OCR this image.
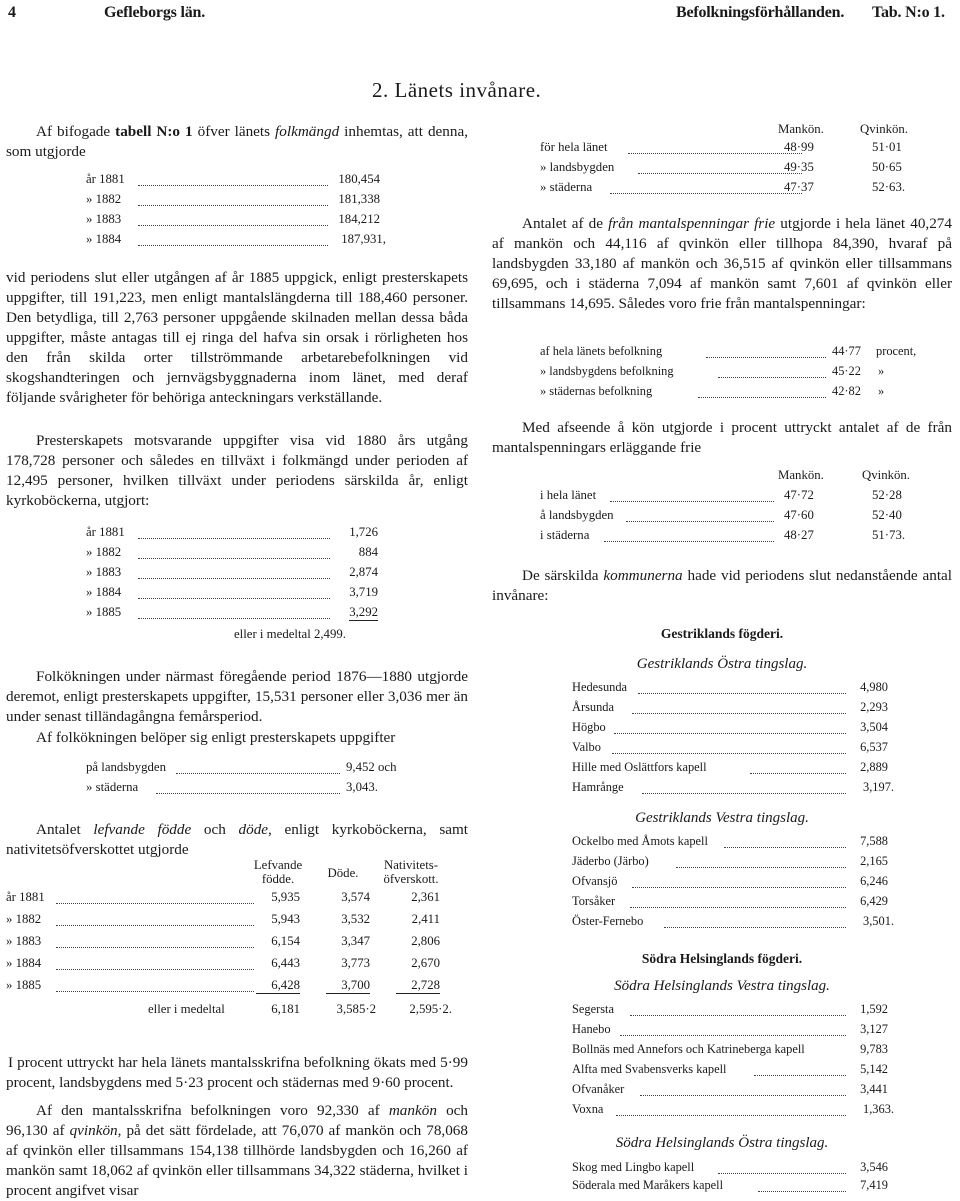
4	Gefleborgs län.	Befolkningsförhållanden. Tab. N:o 1.
2. Länets invånare.

Af bifogade tabell N:o 1 öfver länets folkmängd inhemtas, att denna, som utgjorde

år 1881	180,454
» 1882	181,338
» 1883	184,212
» 1884	187,931,

vid periodens slut eller utgången af år 1885 uppgick, enligt presterskapets uppgifter, till 191,223, men enligt mantalslängderna till 188,460 personer. Den betydliga, till 2,763 personer uppgående skilnaden mellan dessa båda uppgifter, måste antagas till ej ringa del hafva sin orsak i rörligheten hos den från skilda orter tillströmmande arbetarebefolkningen vid skogshandteringen och jernvägsbyggnaderna inom länet, med deraf följande svårigheter för behöriga anteckningars verkställande.

Presterskapets motsvarande uppgifter visa vid 1880 års utgång 178,728 personer och således en tillväxt i folkmängd under perioden af 12,495 personer, hvilken tillväxt under periodens särskilda år, enligt kyrkoböckerna, utgjort:

år 1881	1,726
» 1882	884
» 1883	2,874
» 1884	3,719
» 1885	3,292
eller i medeltal 2,499.

Folkökningen under närmast föregående period 1876—1880 utgjorde deremot, enligt presterskapets uppgifter, 15,531 personer eller 3,036 mer än under senast tilländagångna femårsperiod.

Af folkökningen belöper sig enligt presterskapets uppgifter

på landsbygden	9,452 och
» städerna	3,043.

Antalet lefvande födde och döde, enligt kyrkoböckerna, samt nativitetsöfverskottet utgjorde

Lefvande födde.	Döde.
Nativitets-öfverskott.
år 1881	5,935	3,574	2,361
» 1882	5,943	3,532	2,411
» 1883	6,154	3,347	2,806
» 1884	6,443	3,773	2,670
» 1885	6,428	3,700	2,728
eller i medeltal	6,181	3,585·2	2,595·2.

I procent uttryckt har hela länets mantalsskrifna befolkning ökats med 5·99 procent, landsbygdens med 5·23 procent och städernas med 9·60 procent.

Af den mantalsskrifna befolkningen voro 92,330 af mankön och 96,130 af qvinkön, på det sätt fördelade, att 76,070 af mankön och 78,068 af qvinkön eller tillsammans 154,138 tillhörde landsbygden och 16,260 af mankön samt 18,062 af qvinkön eller tillsammans 34,322 städerna, hvilket i procent angifvet visar

Mankön.	Qvinkön.
för hela länet	48·99	51·01
» landsbygden	49·35	50·65
» städerna	47·37	52·63.

Antalet af de från mantalspenningar frie utgjorde i hela länet 40,274 af mankön och 44,116 af qvinkön eller tillhopa 84,390, hvaraf på landsbygden 33,180 af mankön och 36,515 af qvinkön eller tillsammans 69,695, och i städerna 7,094 af mankön samt 7,601 af qvinkön eller tillsammans 14,695. Således voro frie från mantalspenningar:

af hela länets befolkning	44·77 procent,
» landsbygdens befolkning	45·22 »
» städernas befolkning	42·82 »

Med afseende å kön utgjorde i procent uttryckt antalet af de från mantalspenningars erläggande frie

Mankön.	Qvinkön.
i hela länet	47·72	52·28
å landsbygden	47·60	52·40
i städerna	48·27	51·73.

De särskilda kommunerna hade vid periodens slut nedanstående antal invånare:

Gestriklands fögderi.
Gestriklands Östra tingslag.
Hedesunda	4,980
Årsunda	2,293
Högbo	3,504
Valbo	6,537
Hille med Oslättfors kapell	2,889
Hamrånge	3,197.
Gestriklands Vestra tingslag.
Ockelbo med Åmots kapell	7,588
Jäderbo (Järbo)	2,165
Ofvansjö	6,246
Torsåker	6,429
Öster-Fernebo	3,501.
Södra Helsinglands fögderi.
Södra Helsinglands Vestra tingslag.
Segersta	1,592
Hanebo	3,127
Bollnäs med Annefors och Katrineberga kapell	9,783
Alfta med Svabensverks kapell	5,142
Ofvanåker	3,441
Voxna	1,363.
Södra Helsinglands Östra tingslag.
Skog med Lingbo kapell	3,546
Söderala med Maråkers kapell	7,419
